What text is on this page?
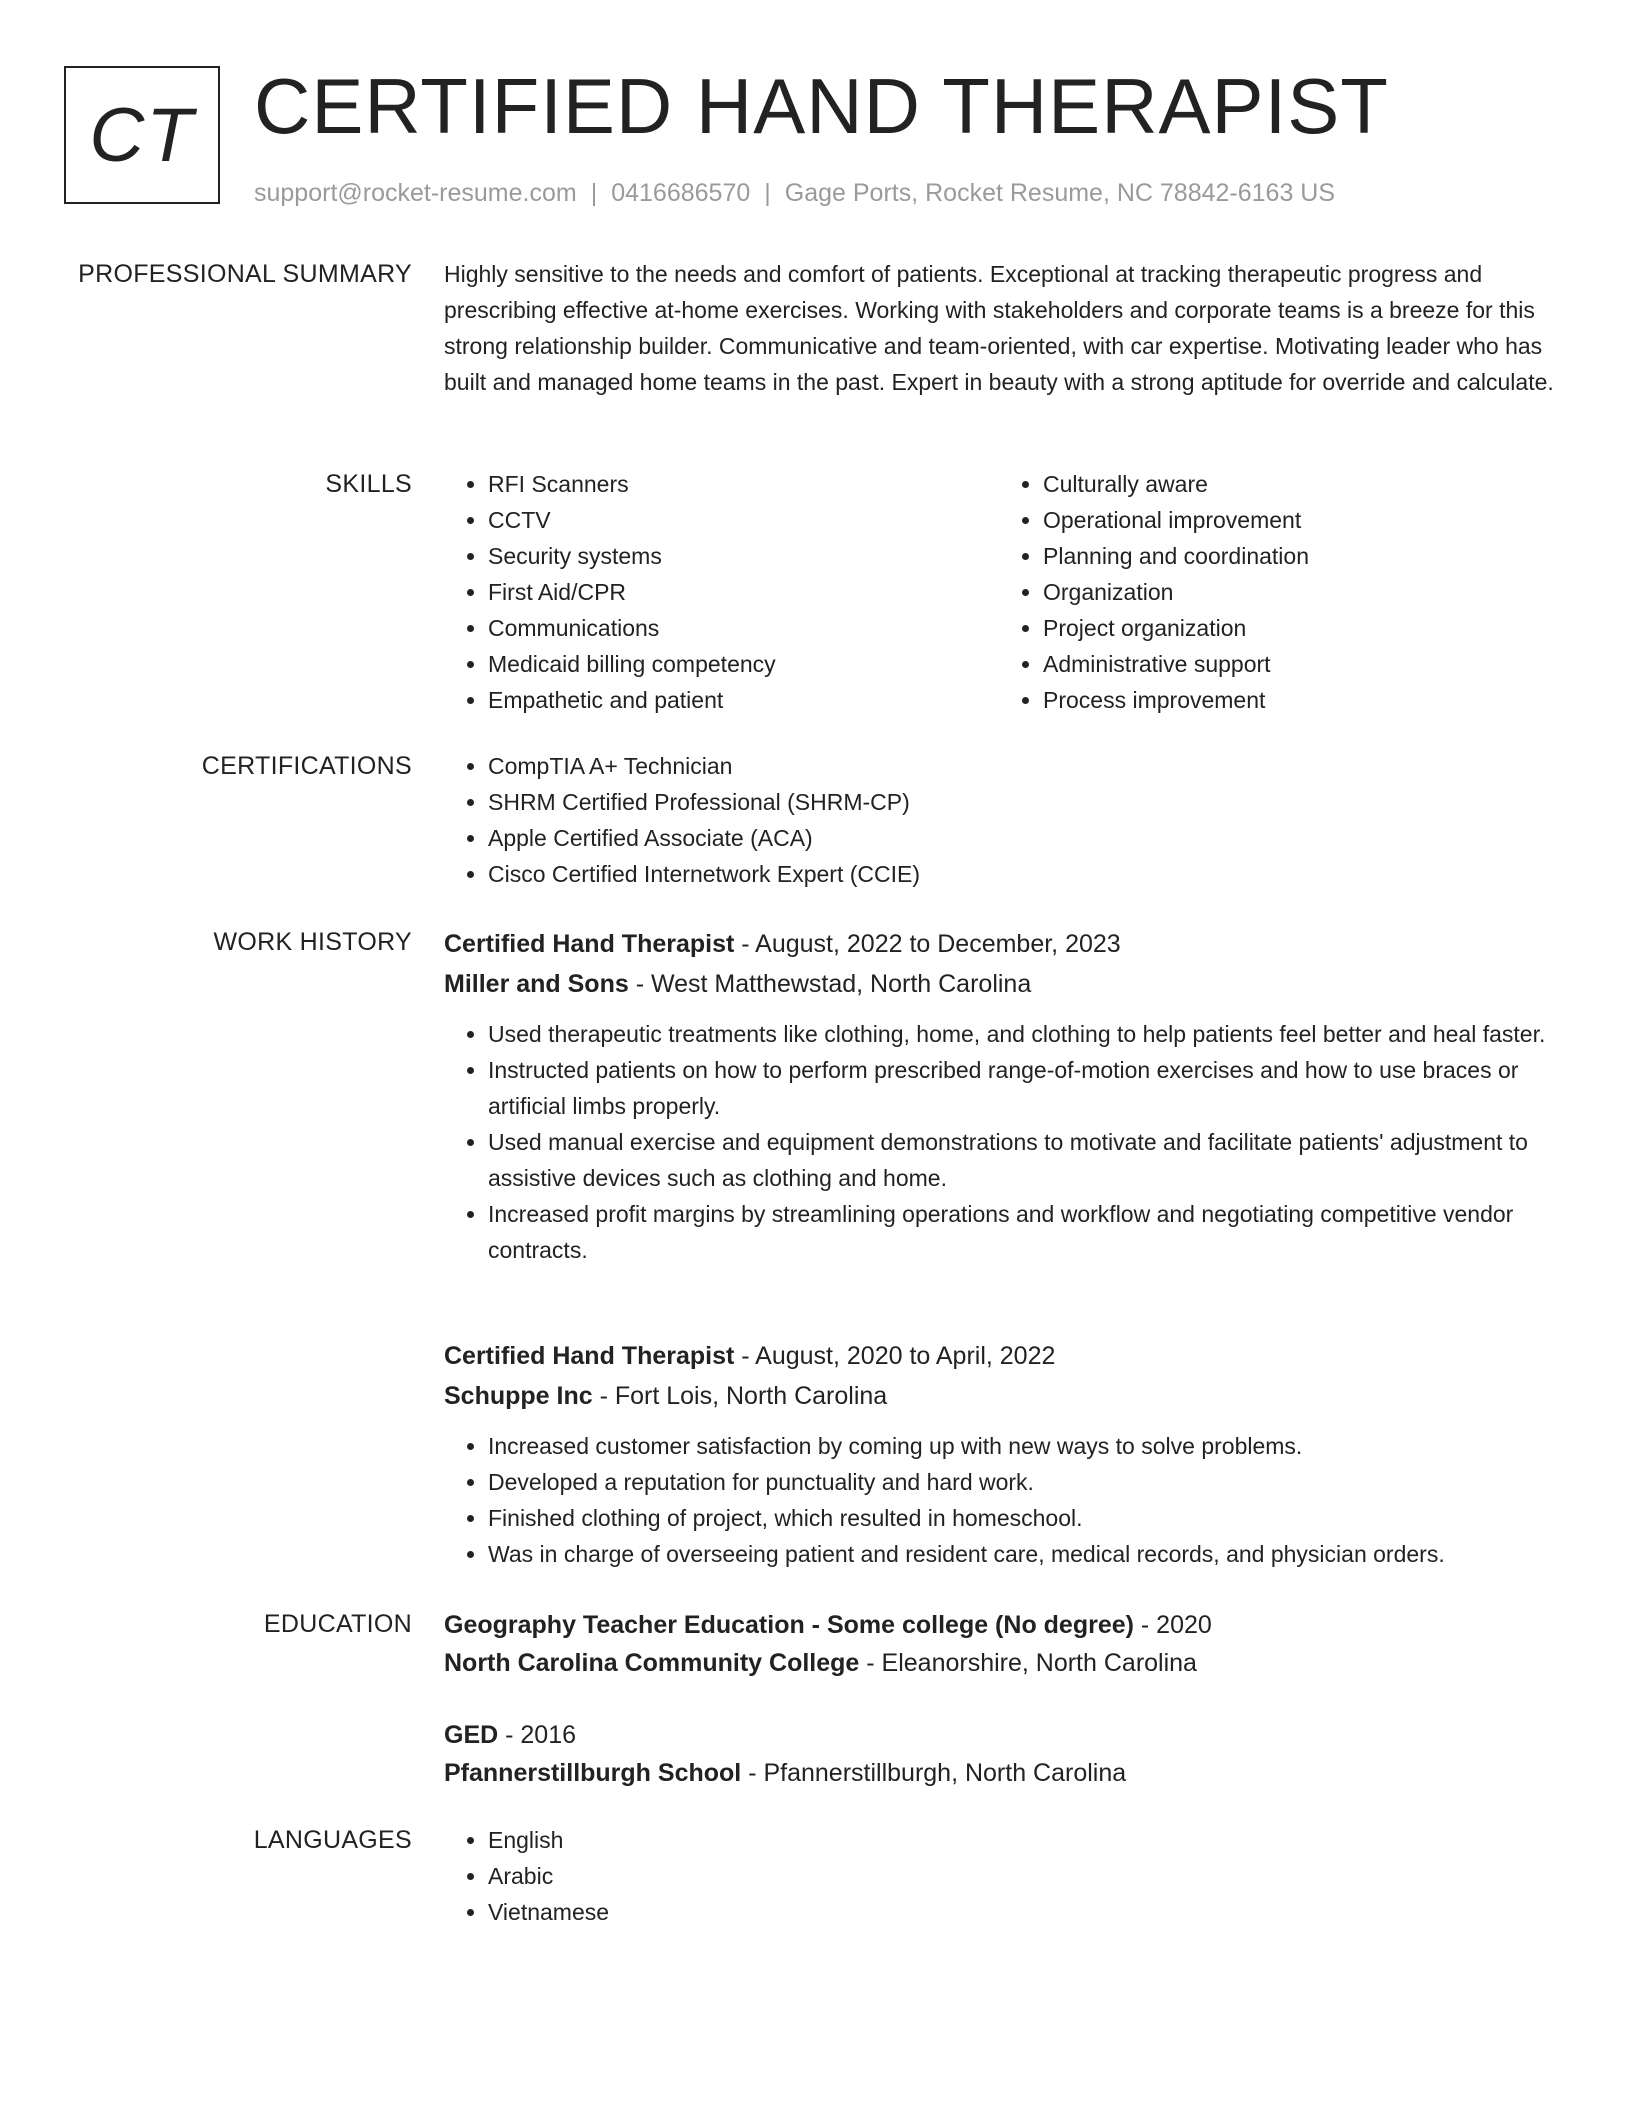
CT CERTIFIED HAND THERAPIST
support@rocket-resume.com | 0416686570 | Gage Ports, Rocket Resume, NC 78842-6163 US
PROFESSIONAL SUMMARY Highly sensitive to the needs and comfort of patients. Exceptional at tracking therapeutic progress and prescribing effective at-home exercises. Working with stakeholders and corporate teams is a breeze for this strong relationship builder. Communicative and team-oriented, with car expertise. Motivating leader who has built and managed home teams in the past. Expert in beauty with a strong aptitude for override and calculate.

SKILLS	• RFI Scanners
• CCTV
• Security systems
• First Aid/CPR
• Communications
• Medicaid billing competency
• Empathetic and patient
• Culturally aware
• Operational improvement
• Planning and coordination
• Organization
• Project organization
• Administrative support
• Process improvement
CERTIFICATIONS	• CompTIA A+ Technician
• SHRM Certified Professional (SHRM-CP)
• Apple Certified Associate (ACA)
• Cisco Certified Internetwork Expert (CCIE)
WORK HISTORY Certified Hand Therapist - August, 2022 to December, 2023
Miller and Sons - West Matthewstad, North Carolina
• Used therapeutic treatments like clothing, home, and clothing to help patients feel better and heal faster.
• Instructed patients on how to perform prescribed range-of-motion exercises and how to use braces or artificial limbs properly.
• Used manual exercise and equipment demonstrations to motivate and facilitate patients' adjustment to assistive devices such as clothing and home.
• Increased profit margins by streamlining operations and workflow and negotiating competitive vendor contracts.
Certified Hand Therapist - August, 2020 to April, 2022
Schuppe Inc - Fort Lois, North Carolina
• Increased customer satisfaction by coming up with new ways to solve problems.
• Developed a reputation for punctuality and hard work.
• Finished clothing of project, which resulted in homeschool.
• Was in charge of overseeing patient and resident care, medical records, and physician orders.
EDUCATION Geography Teacher Education - Some college (No degree) - 2020
North Carolina Community College - Eleanorshire, North Carolina
GED - 2016
Pfannerstillburgh School - Pfannerstillburgh, North Carolina
LANGUAGES	• English
• Arabic
• Vietnamese
